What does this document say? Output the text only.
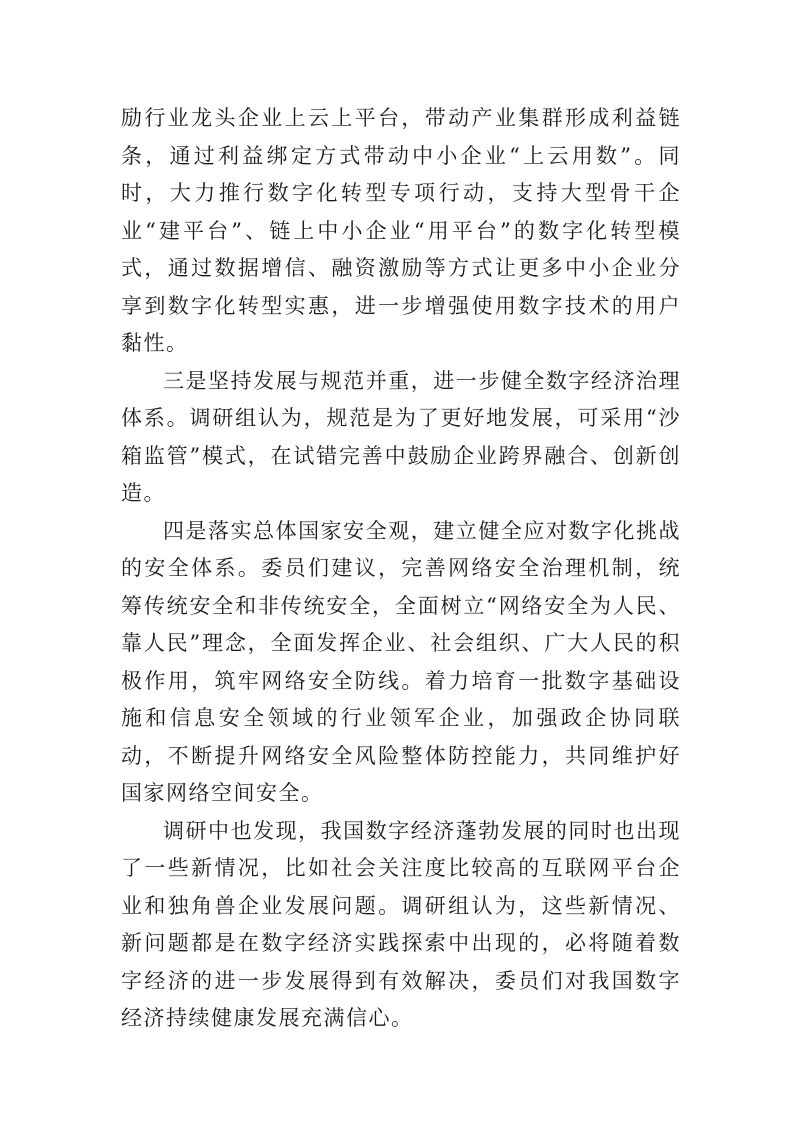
励行业龙头企业上云上平台，带动产业集群形成利益链条，通过利益绑定方式带动中小企业“上云用数”。同时，大力推行数字化转型专项行动，支持大型骨干企业“建平台”、链上中小企业“用平台”的数字化转型模式，通过数据增信、融资激励等方式让更多中小企业分享到数字化转型实惠，进一步增强使用数字技术的用户黏性。

三是坚持发展与规范并重，进一步健全数字经济治理体系。调研组认为，规范是为了更好地发展，可采用“沙箱监管”模式，在试错完善中鼓励企业跨界融合、创新创造。

四是落实总体国家安全观，建立健全应对数字化挑战的安全体系。委员们建议，完善网络安全治理机制，统筹传统安全和非传统安全，全面树立“网络安全为人民、靠人民”理念，全面发挥企业、社会组织、广大人民的积极作用，筑牢网络安全防线。着力培育一批数字基础设施和信息安全领域的行业领军企业，加强政企协同联动，不断提升网络安全风险整体防控能力，共同维护好国家网络空间安全。

调研中也发现，我国数字经济蓬勃发展的同时也出现了一些新情况，比如社会关注度比较高的互联网平台企业和独角兽企业发展问题。调研组认为，这些新情况、新问题都是在数字经济实践探索中出现的，必将随着数字经济的进一步发展得到有效解决，委员们对我国数字经济持续健康发展充满信心。
